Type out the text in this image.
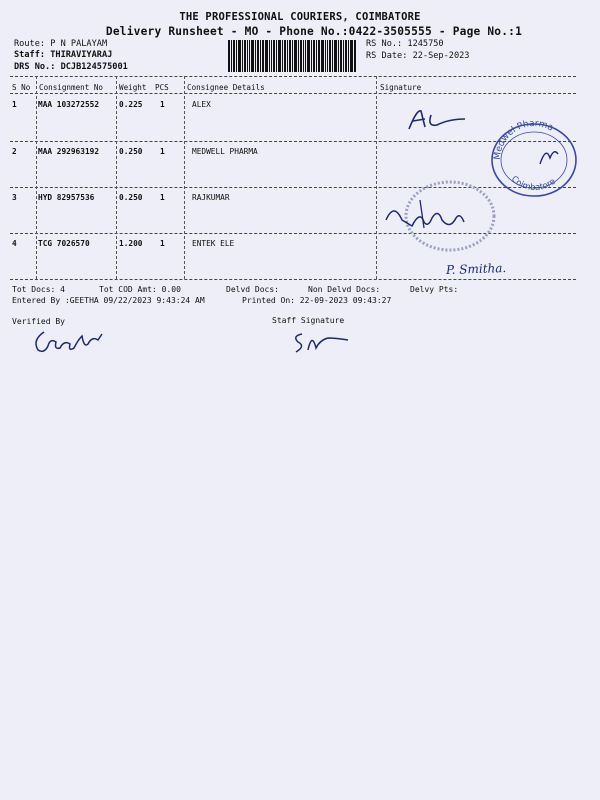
THE PROFESSIONAL COURIERS, COIMBATORE
Delivery Runsheet - MO - Phone No.:0422-3505555 - Page No.:1
Route: P N PALAYAM
Staff: THIRAVIYARAJ
DRS No.: DCJB124575001
RS No.: 1245750
RS Date: 22-Sep-2023
S No Consignment No Weight PCS Consignee Details	Signature
1	MAA 103272552	0.225 1	ALEX
2	MAA 292963192	0.250 1	MEDWELL PHARMA
3	HYD 82957536	0.250 1	RAJKUMAR
4	TCG 7026570	1.200 1	ENTEK ELE
Medwel Pharma
Coimbatore
P. Smitha.
Tot Docs: 4	Tot COD Amt: 0.00	Delvd Docs:	Non Delvd Docs:	Delvy Pts:
Entered By :GEETHA 09/22/2023 9:43:24 AM	Printed On: 22-09-2023 09:43:27
Verified By	Staff Signature
